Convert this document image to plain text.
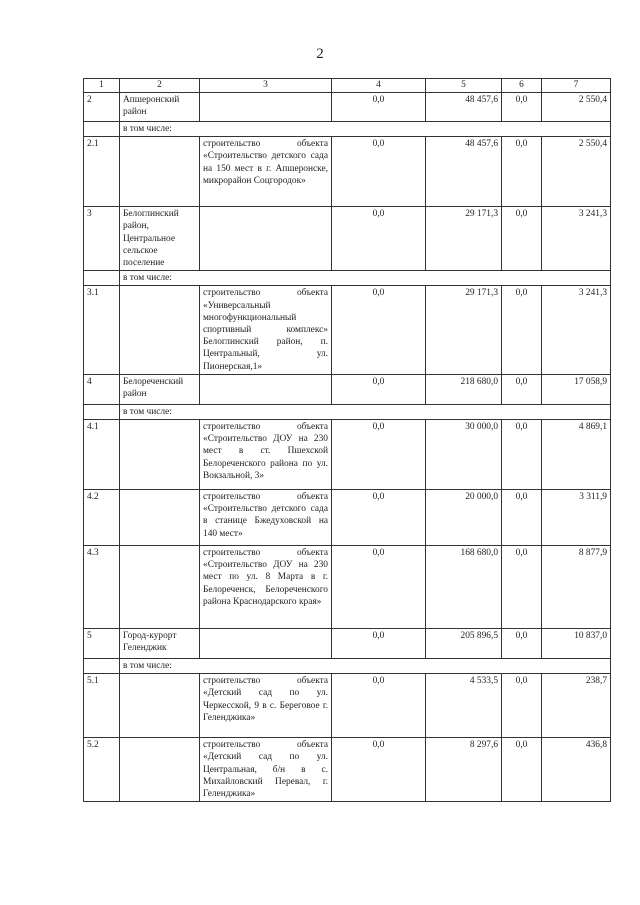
2
1	2	3	4	5	6	7
2	Апшеронский район		0,0	48 457,6	0,0	2 550,4
	в том числе:					
2.1		строительство объекта «Строительство детского сада на 150 мест в г. Апшеронске, микрорайон Соцгородок»	0,0	48 457,6	0,0	2 550,4
3	Белоглинский район, Центральное сельское поселение		0,0	29 171,3	0,0	3 241,3
	в том числе:					
3.1		строительство объекта «Универсальный многофункциональный спортивный комплекс» Белоглинский район, п. Центральный, ул. Пионерская,1»	0,0	29 171,3	0,0	3 241,3
4	Белореченский район		0,0	218 680,0	0,0	17 058,9
	в том числе:					
4.1		строительство объекта «Строительство ДОУ на 230 мест в ст. Пшехской Белореченского района по ул. Вокзальной, 3»	0,0	30 000,0	0,0	4 869,1
4.2		строительство объекта «Строительство детского сада в станице Бжедуховской на 140 мест»	0,0	20 000,0	0,0	3 311,9
4.3		строительство объекта «Строительство ДОУ на 230 мест по ул. 8 Марта в г. Белореченск, Белореченского района Краснодарского края»	0,0	168 680,0	0,0	8 877,9
5	Город-курорт Геленджик		0,0	205 896,5	0,0	10 837,0
	в том числе:					
5.1		строительство объекта «Детский сад по ул. Черкесской, 9 в с. Береговое г. Геленджика»	0,0	4 533,5	0,0	238,7
5.2		строительство объекта «Детский сад по ул. Центральная, б/н в с. Михайловский Перевал, г. Геленджика»	0,0	8 297,6	0,0	436,8
